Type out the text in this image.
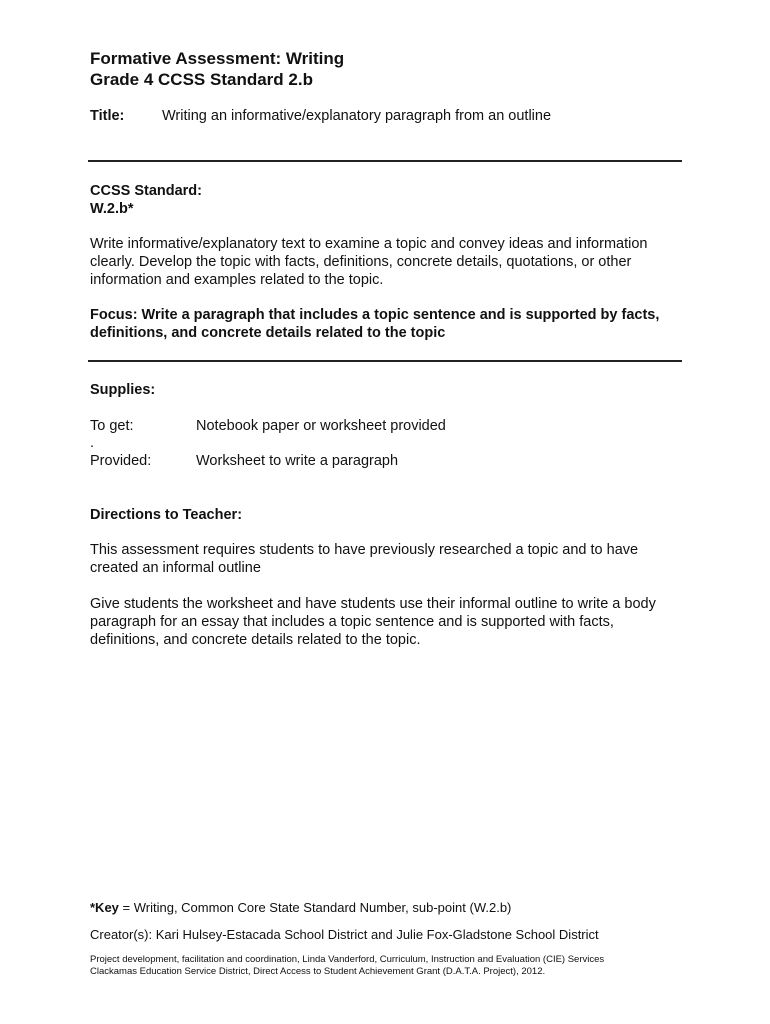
Formative Assessment: Writing
Grade 4 CCSS Standard 2.b
Title:	Writing an informative/explanatory paragraph from an outline
CCSS Standard:
W.2.b*
Write informative/explanatory text to examine a topic and convey ideas and information clearly. Develop the topic with facts, definitions, concrete details, quotations, or other information and examples related to the topic.
Focus: Write a paragraph that includes a topic sentence and is supported by facts, definitions, and concrete details related to the topic
Supplies:
To get:	Notebook paper or worksheet provided
.
Provided:	Worksheet to write a paragraph
Directions to Teacher:
This assessment requires students to have previously researched a topic and to have created an informal outline
Give students the worksheet and have students use their informal outline to write a body paragraph for an essay that includes a topic sentence and is supported with facts, definitions, and concrete details related to the topic.
*Key = Writing, Common Core State Standard Number, sub-point (W.2.b)
Creator(s): Kari Hulsey-Estacada School District and Julie Fox-Gladstone School District
Project development, facilitation and coordination, Linda Vanderford, Curriculum, Instruction and Evaluation (CIE) Services
Clackamas Education Service District, Direct Access to Student Achievement Grant (D.A.T.A. Project), 2012.
